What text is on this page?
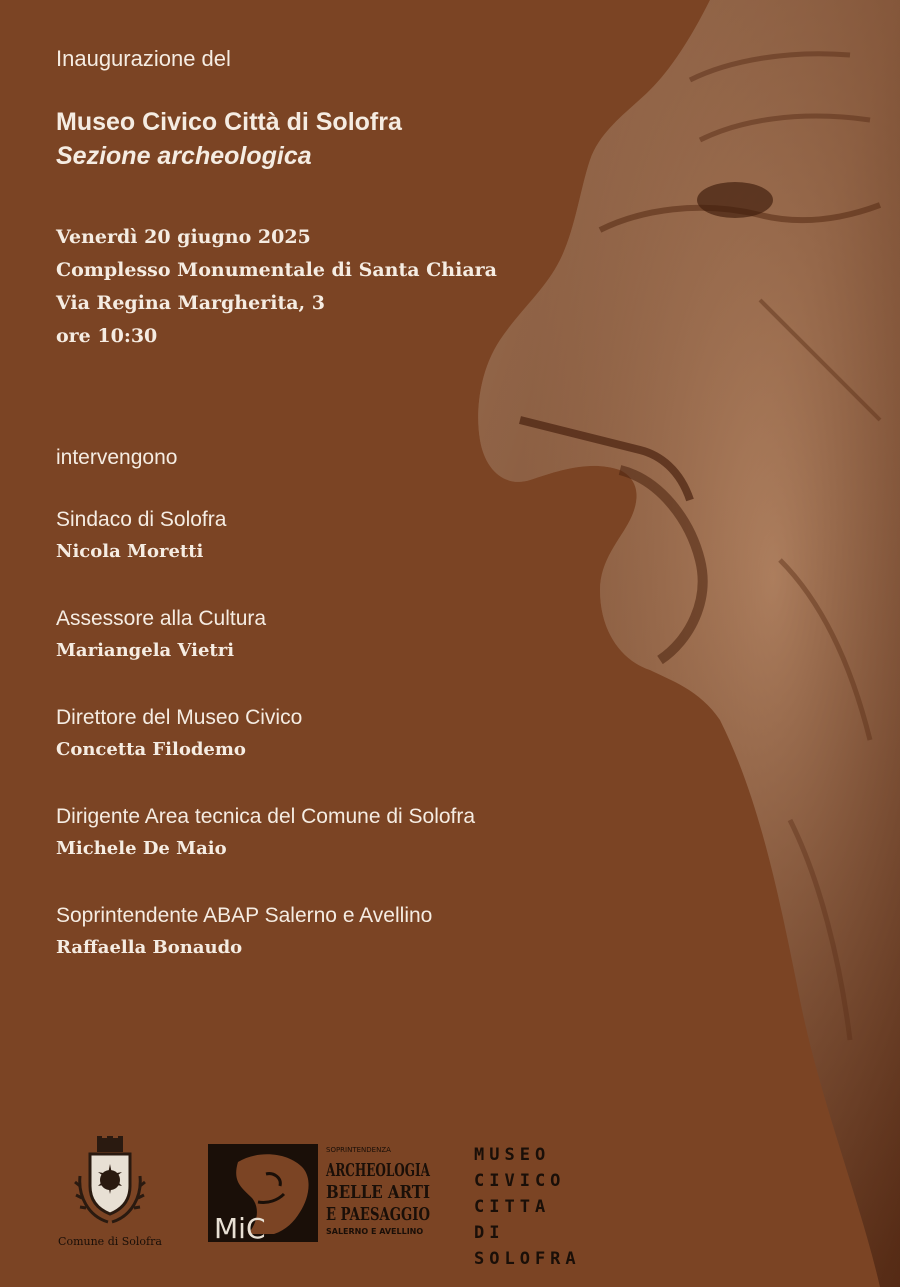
Inaugurazione del

Museo Civico Città di Solofra
Sezione archeologica
Venerdì 20 giugno 2025
Complesso Monumentale di Santa Chiara
Via Regina Margherita, 3
ore 10:30
intervengono
Sindaco di Solofra
Nicola Moretti
Assessore alla Cultura
Mariangela Vietri
Direttore del Museo Civico
Concetta Filodemo
Dirigente Area tecnica del Comune di Solofra
Michele De Maio
Soprintendente ABAP Salerno e Avellino
Raffaella Bonaudo
Comune di Solofra MiC
SOPRINTENDENZA
ARCHEOLOGIA
BELLE ARTI
E PAESAGGIO
SALERNO E AVELLINO
MUSEO
CIVICO
CITTA DI
SOLOFRA
